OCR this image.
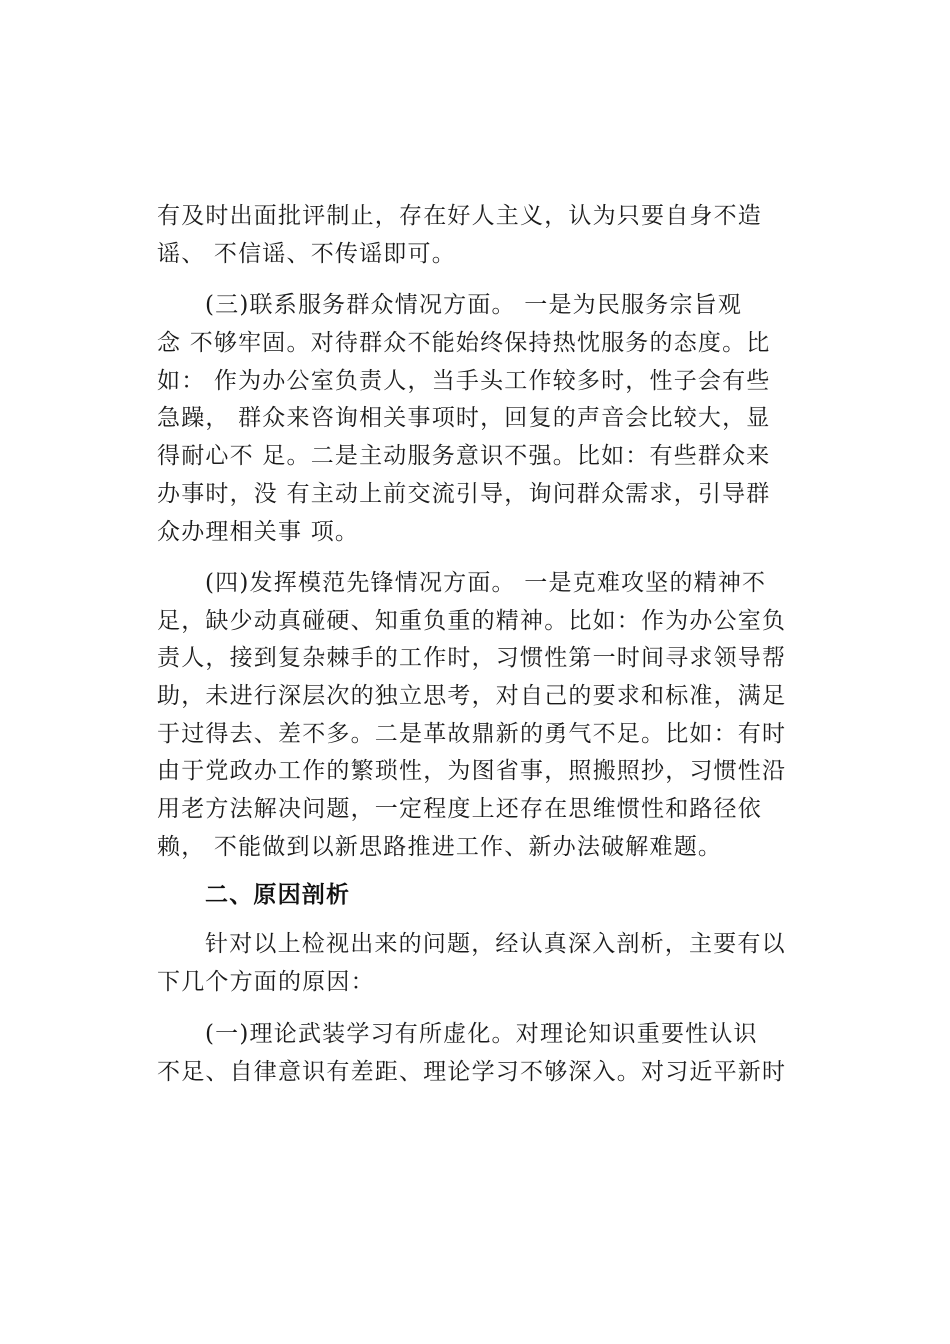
有及时出面批评制止，存在好人主义，认为只要自身不造
谣、 不信谣、不传谣即可。
(三)联系服务群众情况方面。 一是为民服务宗旨观
念 不够牢固。对待群众不能始终保持热忱服务的态度。比
如： 作为办公室负责人，当手头工作较多时，性子会有些
急躁， 群众来咨询相关事项时，回复的声音会比较大，显
得耐心不 足。二是主动服务意识不强。比如：有些群众来
办事时，没 有主动上前交流引导，询问群众需求，引导群
众办理相关事 项。
(四)发挥模范先锋情况方面。 一是克难攻坚的精神不
足，缺少动真碰硬、知重负重的精神。比如：作为办公室负
责人，接到复杂棘手的工作时，习惯性第一时间寻求领导帮
助，未进行深层次的独立思考，对自己的要求和标准，满足
于过得去、差不多。二是革故鼎新的勇气不足。比如：有时
由于党政办工作的繁琐性，为图省事，照搬照抄，习惯性沿
用老方法解决问题，一定程度上还存在思维惯性和路径依
赖， 不能做到以新思路推进工作、新办法破解难题。
二、原因剖析
针对以上检视出来的问题，经认真深入剖析，主要有以
下几个方面的原因：
(一)理论武装学习有所虚化。对理论知识重要性认识
不足、自律意识有差距、理论学习不够深入。对习近平新时
